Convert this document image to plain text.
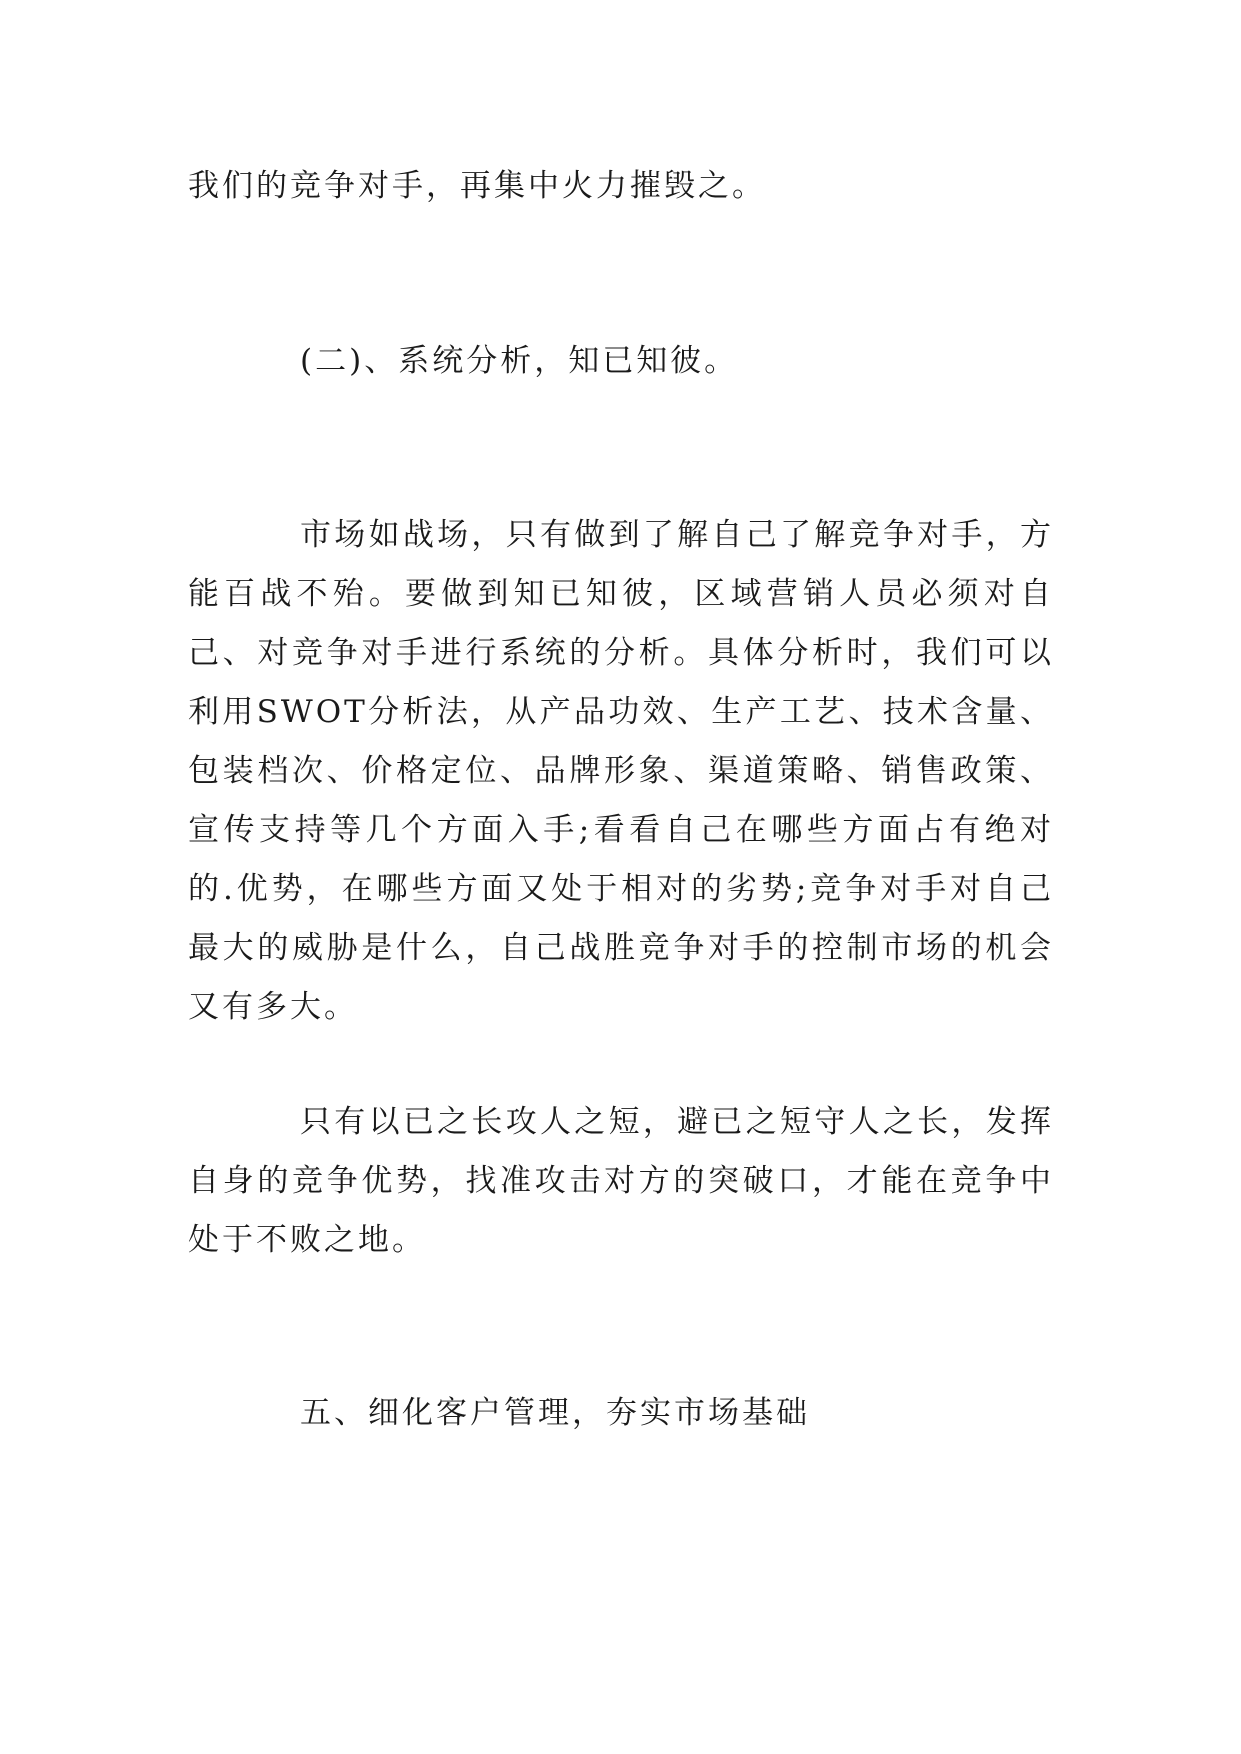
我们的竞争对手，再集中火力摧毁之。

(二)、系统分析，知已知彼。

市场如战场，只有做到了解自己了解竞争对手，方能百战不殆。要做到知已知彼，区域营销人员必须对自己、对竞争对手进行系统的分析。具体分析时，我们可以利用SWOT分析法，从产品功效、生产工艺、技术含量、包装档次、价格定位、品牌形象、渠道策略、销售政策、宣传支持等几个方面入手;看看自己在哪些方面占有绝对的.优势，在哪些方面又处于相对的劣势;竞争对手对自己最大的威胁是什么，自己战胜竞争对手的控制市场的机会又有多大。

只有以已之长攻人之短，避已之短守人之长，发挥自身的竞争优势，找准攻击对方的突破口，才能在竞争中处于不败之地。

五、细化客户管理，夯实市场基础
